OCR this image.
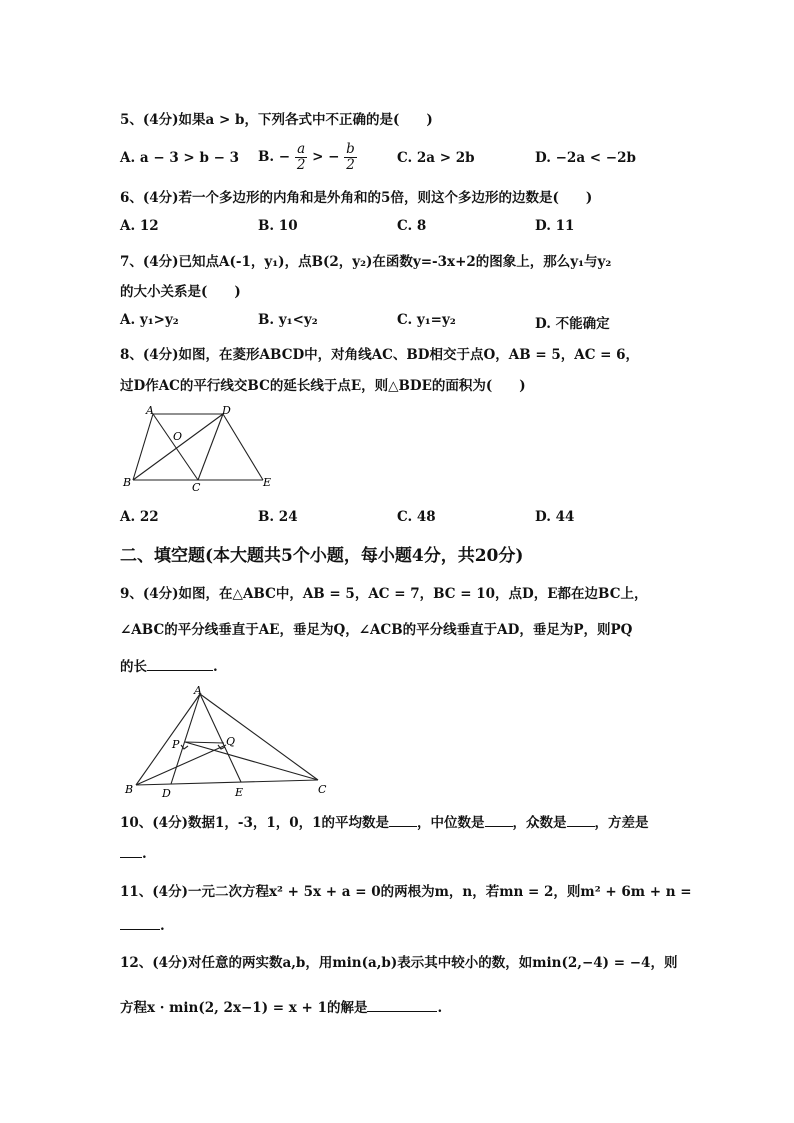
5、(4分)如果a > b，下列各式中不正确的是(　　)
A. a − 3 > b − 3 B. − $\frac{a}{2}$ > − $\frac{b}{2}$	C. 2a > 2b	D. −2a < −2b
6、(4分)若一个多边形的内角和是外角和的5倍，则这个多边形的边数是(　　)
A. 12	B. 10	C. 8	D. 11
7、(4分)已知点A(-1，y₁)，点B(2，y₂)在函数y=-3x+2的图象上，那么y₁与y₂
的大小关系是(　　)
A. y₁>y₂	B. y₁<y₂	C. y₁=y₂	D. 不能确定
8、(4分)如图，在菱形ABCD中，对角线AC、BD相交于点O，AB = 5，AC = 6，
过D作AC的平行线交BC的延长线于点E，则△BDE的面积为(　　)
A	D
O
B	C	E
A. 22	B. 24	C. 48	D. 44
二、填空题(本大题共5个小题，每小题4分，共20分)
9、(4分)如图，在△ABC中，AB = 5，AC = 7，BC = 10，点D，E都在边BC上，
∠ABC的平分线垂直于AE，垂足为Q，∠ACB的平分线垂直于AD，垂足为P，则PQ
的长	.
A
P	Q
B	D	E	C
10、(4分)数据1，-3，1，0，1的平均数是 ，中位数是 ，众数是 ，方差是
.
11、(4分)一元二次方程x² + 5x + a = 0的两根为m，n，若mn = 2，则m² + 6m + n =
.
12、(4分)对任意的两实数a,b，用min(a,b)表示其中较小的数，如min(2,−4) = −4，则
方程x · min(2, 2x−1) = x + 1的解是	.
